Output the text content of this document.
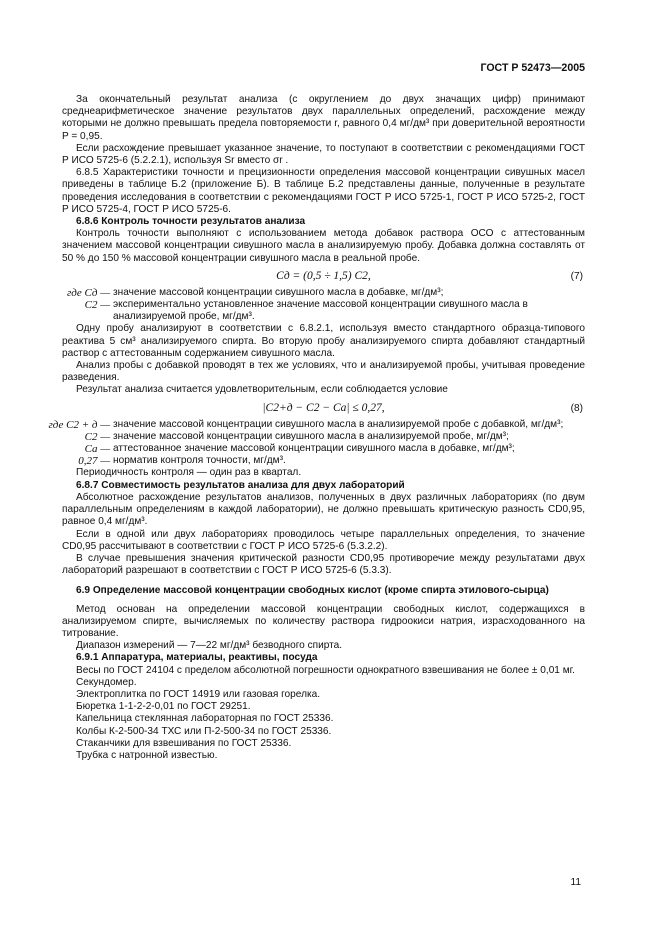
ГОСТ Р 52473—2005

За окончательный результат анализа (с округлением до двух значащих цифр) принимают среднеарифметическое значение результатов двух параллельных определений, расхождение между которыми не должно превышать предела повторяемости r, равного 0,4 мг/дм³ при доверительной вероятности P = 0,95.

Если расхождение превышает указанное значение, то поступают в соответствии с рекомендациями ГОСТ Р ИСО 5725-6 (5.2.2.1), используя Sr вместо σr .

6.8.5 Характеристики точности и прецизионности определения массовой концентрации сивушных масел приведены в таблице Б.2 (приложение Б). В таблице Б.2 представлены данные, полученные в результате проведения исследования в соответствии с рекомендациями ГОСТ Р ИСО 5725-1, ГОСТ Р ИСО 5725-2, ГОСТ Р ИСО 5725-4, ГОСТ Р ИСО 5725-6.

6.8.6 Контроль точности результатов анализа

Контроль точности выполняют с использованием метода добавок раствора ОСО с аттестованным значением массовой концентрации сивушного масла в анализируемую пробу. Добавка должна составлять от 50 % до 150 % массовой концентрации сивушного масла в реальной пробе.

Cд = (0,5 ÷ 1,5) C2,	(7)
где Cд — значение массовой концентрации сивушного масла в добавке, мг/дм³;
C2 — экспериментально установленное значение массовой концентрации сивушного масла в анализируемой пробе, мг/дм³.

Одну пробу анализируют в соответствии с 6.8.2.1, используя вместо стандартного образца-типового реактива 5 см³ анализируемого спирта. Во вторую пробу анализируемого спирта добавляют стандартный раствор с аттестованным содержанием сивушного масла.

Анализ пробы с добавкой проводят в тех же условиях, что и анализируемой пробы, учитывая проведение разведения.

Результат анализа считается удовлетворительным, если соблюдается условие

|C2+д − C2 − Cа| ≤ 0,27,	(8)
где C2 + д — значение массовой концентрации сивушного масла в анализируемой пробе с добавкой, мг/дм³;
C2 — значение массовой концентрации сивушного масла в анализируемой пробе, мг/дм³;
Cа — аттестованное значение массовой концентрации сивушного масла в добавке, мг/дм³;
0,27 — норматив контроля точности, мг/дм³.

Периодичность контроля — один раз в квартал.

6.8.7 Совместимость результатов анализа для двух лабораторий

Абсолютное расхождение результатов анализов, полученных в двух различных лабораториях (по двум параллельным определениям в каждой лаборатории), не должно превышать критическую разность CD0,95, равное 0,4 мг/дм³.

Если в одной или двух лабораториях проводилось четыре параллельных определения, то значение CD0,95 рассчитывают в соответствии с ГОСТ Р ИСО 5725-6 (5.3.2.2).

В случае превышения значения критической разности CD0,95 противоречие между результатами двух лабораторий разрешают в соответствии с ГОСТ Р ИСО 5725-6 (5.3.3).

6.9 Определение массовой концентрации свободных кислот (кроме спирта этилового-сырца)

Метод основан на определении массовой концентрации свободных кислот, содержащихся в анализируемом спирте, вычисляемых по количеству раствора гидроокиси натрия, израсходованного на титрование.

Диапазон измерений — 7—22 мг/дм³ безводного спирта.

6.9.1 Аппаратура, материалы, реактивы, посуда

Весы по ГОСТ 24104 с пределом абсолютной погрешности однократного взвешивания не более ± 0,01 мг.

Секундомер.

Электроплитка по ГОСТ 14919 или газовая горелка.

Бюретка 1-1-2-2-0,01 по ГОСТ 29251.

Капельница стеклянная лабораторная по ГОСТ 25336.

Колбы К-2-500-34 ТХС или П-2-500-34 по ГОСТ 25336.

Стаканчики для взвешивания по ГОСТ 25336.

Трубка с натронной известью.

11
